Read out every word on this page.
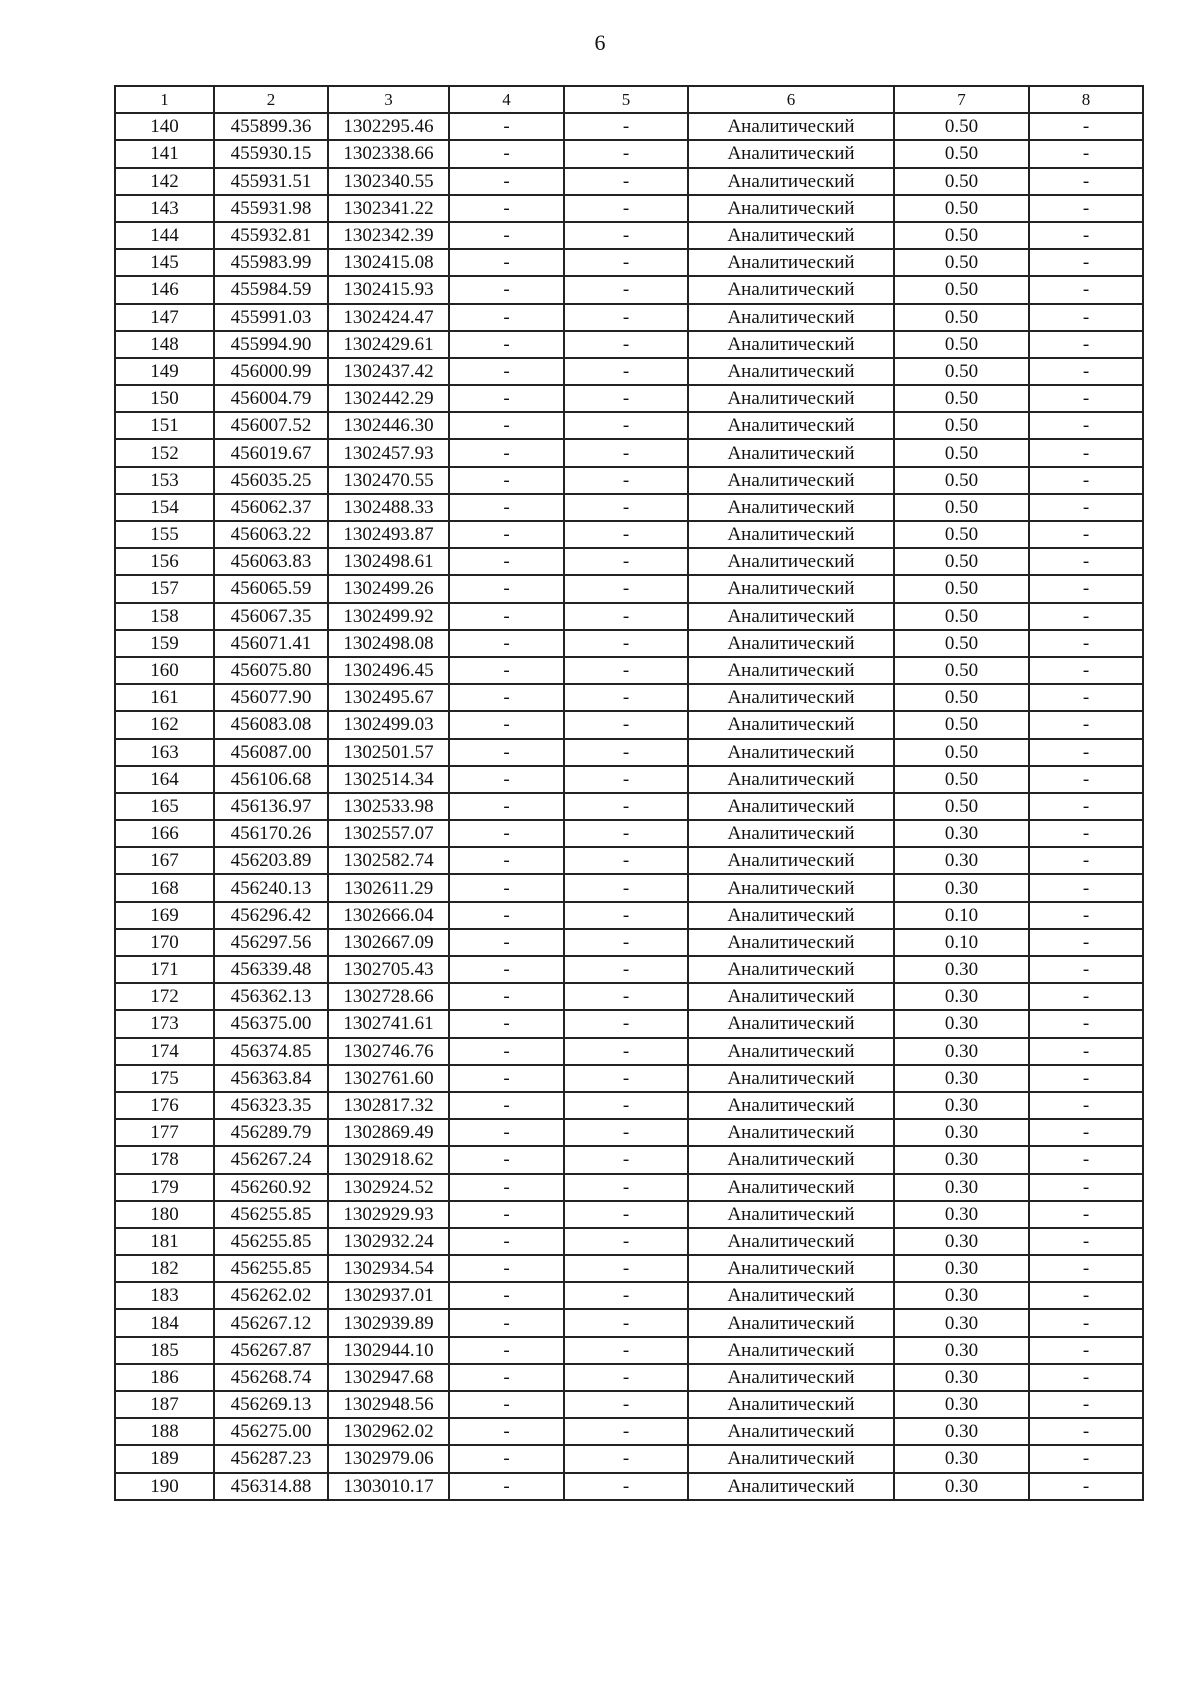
6
1	2	3	4	5	6	7	8
140	455899.36	1302295.46	-	-	Аналитический	0.50	-
141	455930.15	1302338.66	-	-	Аналитический	0.50	-
142	455931.51	1302340.55	-	-	Аналитический	0.50	-
143	455931.98	1302341.22	-	-	Аналитический	0.50	-
144	455932.81	1302342.39	-	-	Аналитический	0.50	-
145	455983.99	1302415.08	-	-	Аналитический	0.50	-
146	455984.59	1302415.93	-	-	Аналитический	0.50	-
147	455991.03	1302424.47	-	-	Аналитический	0.50	-
148	455994.90	1302429.61	-	-	Аналитический	0.50	-
149	456000.99	1302437.42	-	-	Аналитический	0.50	-
150	456004.79	1302442.29	-	-	Аналитический	0.50	-
151	456007.52	1302446.30	-	-	Аналитический	0.50	-
152	456019.67	1302457.93	-	-	Аналитический	0.50	-
153	456035.25	1302470.55	-	-	Аналитический	0.50	-
154	456062.37	1302488.33	-	-	Аналитический	0.50	-
155	456063.22	1302493.87	-	-	Аналитический	0.50	-
156	456063.83	1302498.61	-	-	Аналитический	0.50	-
157	456065.59	1302499.26	-	-	Аналитический	0.50	-
158	456067.35	1302499.92	-	-	Аналитический	0.50	-
159	456071.41	1302498.08	-	-	Аналитический	0.50	-
160	456075.80	1302496.45	-	-	Аналитический	0.50	-
161	456077.90	1302495.67	-	-	Аналитический	0.50	-
162	456083.08	1302499.03	-	-	Аналитический	0.50	-
163	456087.00	1302501.57	-	-	Аналитический	0.50	-
164	456106.68	1302514.34	-	-	Аналитический	0.50	-
165	456136.97	1302533.98	-	-	Аналитический	0.50	-
166	456170.26	1302557.07	-	-	Аналитический	0.30	-
167	456203.89	1302582.74	-	-	Аналитический	0.30	-
168	456240.13	1302611.29	-	-	Аналитический	0.30	-
169	456296.42	1302666.04	-	-	Аналитический	0.10	-
170	456297.56	1302667.09	-	-	Аналитический	0.10	-
171	456339.48	1302705.43	-	-	Аналитический	0.30	-
172	456362.13	1302728.66	-	-	Аналитический	0.30	-
173	456375.00	1302741.61	-	-	Аналитический	0.30	-
174	456374.85	1302746.76	-	-	Аналитический	0.30	-
175	456363.84	1302761.60	-	-	Аналитический	0.30	-
176	456323.35	1302817.32	-	-	Аналитический	0.30	-
177	456289.79	1302869.49	-	-	Аналитический	0.30	-
178	456267.24	1302918.62	-	-	Аналитический	0.30	-
179	456260.92	1302924.52	-	-	Аналитический	0.30	-
180	456255.85	1302929.93	-	-	Аналитический	0.30	-
181	456255.85	1302932.24	-	-	Аналитический	0.30	-
182	456255.85	1302934.54	-	-	Аналитический	0.30	-
183	456262.02	1302937.01	-	-	Аналитический	0.30	-
184	456267.12	1302939.89	-	-	Аналитический	0.30	-
185	456267.87	1302944.10	-	-	Аналитический	0.30	-
186	456268.74	1302947.68	-	-	Аналитический	0.30	-
187	456269.13	1302948.56	-	-	Аналитический	0.30	-
188	456275.00	1302962.02	-	-	Аналитический	0.30	-
189	456287.23	1302979.06	-	-	Аналитический	0.30	-
190	456314.88	1303010.17	-	-	Аналитический	0.30	-
